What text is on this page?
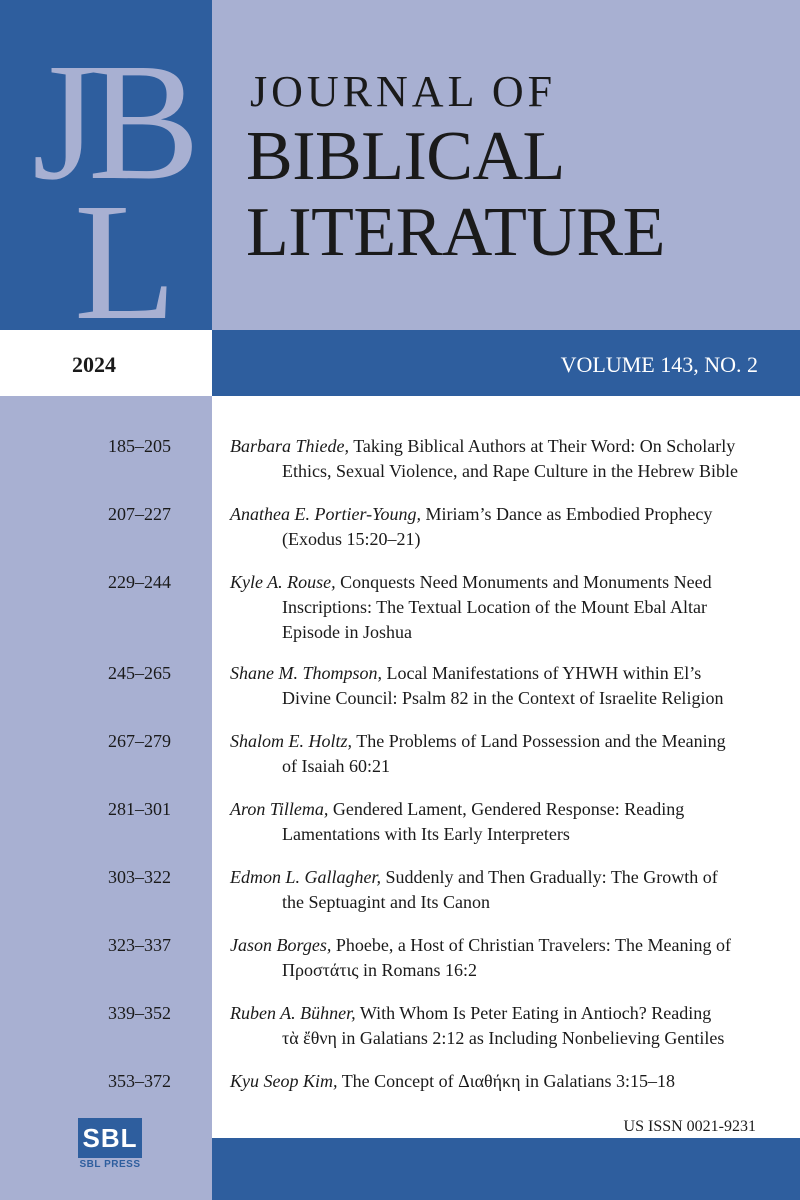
J
B
L
JOURNAL OF
BIBLICAL
LITERATURE
2024	VOLUME 143, NO. 2
185–205	Barbara Thiede, Taking Biblical Authors at Their Word: On Scholarly
Ethics, Sexual Violence, and Rape Culture in the Hebrew Bible
207–227	Anathea E. Portier-Young, Miriam’s Dance as Embodied Prophecy
(Exodus 15:20–21)
229–244	Kyle A. Rouse, Conquests Need Monuments and Monuments Need
Inscriptions: The Textual Location of the Mount Ebal Altar
Episode in Joshua
245–265	Shane M. Thompson, Local Manifestations of YHWH within El’s
Divine Council: Psalm 82 in the Context of Israelite Religion
267–279	Shalom E. Holtz, The Problems of Land Possession and the Meaning
of Isaiah 60:21
281–301	Aron Tillema, Gendered Lament, Gendered Response: Reading
Lamentations with Its Early Interpreters
303–322	Edmon L. Gallagher, Suddenly and Then Gradually: The Growth of
the Septuagint and Its Canon
323–337	Jason Borges, Phoebe, a Host of Christian Travelers: The Meaning of
Προστάτις in Romans 16:2
339–352	Ruben A. Bühner, With Whom Is Peter Eating in Antioch? Reading
τὰ ἔθνη in Galatians 2:12 as Including Nonbelieving Gentiles
353–372	Kyu Seop Kim, The Concept of Διαθήκη in Galatians 3:15–18
US ISSN 0021-9231
SBL
SBL PRESS
